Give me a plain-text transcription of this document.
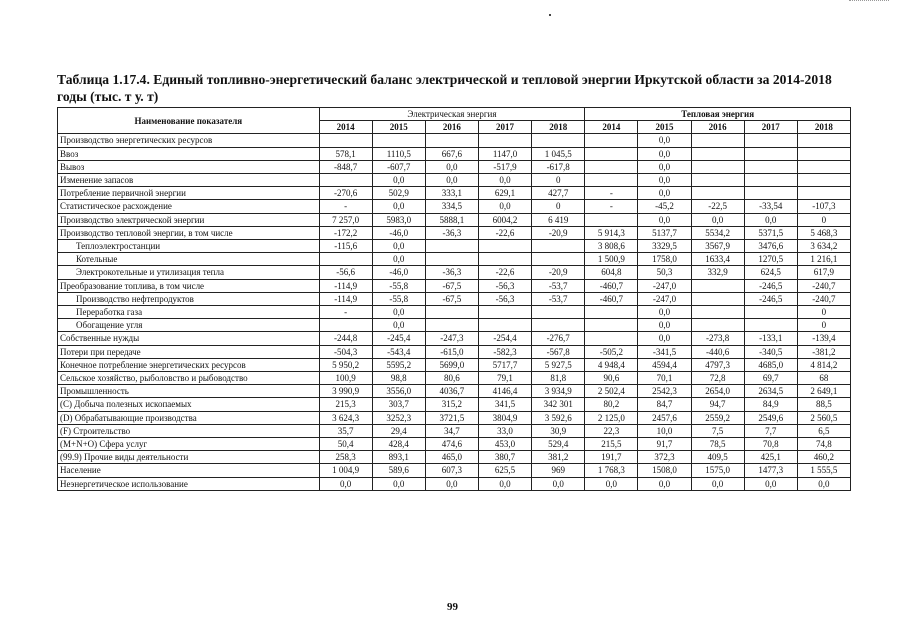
Таблица 1.17.4. Единый топливно-энергетический баланс электрической и тепловой энергии Иркутской области за 2014-2018 годы (тыс. т у. т)
Наименование показателя	Электрическая энергия					Тепловая энергия				
	2014	2015	2016	2017	2018	2014	2015	2016	2017	2018
Производство энергетических ресурсов							0,0			
Ввоз	578,1	1110,5	667,6	1147,0	1 045,5		0,0			
Вывоз	-848,7	-607,7	0,0	-517,9	-617,8		0,0			
Изменение запасов		0,0	0,0	0,0	0		0,0			
Потребление первичной энергии	-270,6	502,9	333,1	629,1	427,7	-	0,0			
Статистическое расхождение	-	0,0	334,5	0,0	0	-	-45,2	-22,5	-33,54	-107,3
Производство электрической энергии	7 257,0	5983,0	5888,1	6004,2	6 419		0,0	0,0	0,0	0
Производство тепловой энергии, в том числе	-172,2	-46,0	-36,3	-22,6	-20,9	5 914,3	5137,7	5534,2	5371,5	5 468,3
Теплоэлектростанции	-115,6	0,0				3 808,6	3329,5	3567,9	3476,6	3 634,2
Котельные		0,0				1 500,9	1758,0	1633,4	1270,5	1 216,1
Электрокотельные и утилизация тепла	-56,6	-46,0	-36,3	-22,6	-20,9	604,8	50,3	332,9	624,5	617,9
Преобразование топлива, в том числе	-114,9	-55,8	-67,5	-56,3	-53,7	-460,7	-247,0		-246,5	-240,7
Производство нефтепродуктов	-114,9	-55,8	-67,5	-56,3	-53,7	-460,7	-247,0		-246,5	-240,7
Переработка газа	-	0,0					0,0			0
Обогащение угля		0,0					0,0			0
Собственные нужды	-244,8	-245,4	-247,3	-254,4	-276,7		0,0	-273,8	-133,1	-139,4
Потери при передаче	-504,3	-543,4	-615,0	-582,3	-567,8	-505,2	-341,5	-440,6	-340,5	-381,2
Конечное потребление энергетических ресурсов	5 950,2	5595,2	5699,0	5717,7	5 927,5	4 948,4	4594,4	4797,3	4685,0	4 814,2
Сельское хозяйство, рыболовство и рыбоводство	100,9	98,8	80,6	79,1	81,8	90,6	70,1	72,8	69,7	68
Промышленность	3 990,9	3556,0	4036,7	4146,4	3 934,9	2 502,4	2542,3	2654,0	2634,5	2 649,1
(С) Добыча полезных ископаемых	215,3	303,7	315,2	341,5	342 301	80,2	84,7	94,7	84,9	88,5
(D) Обрабатывающие производства	3 624,3	3252,3	3721,5	3804,9	3 592,6	2 125,0	2457,6	2559,2	2549,6	2 560,5
(F) Строительство	35,7	29,4	34,7	33,0	30,9	22,3	10,0	7,5	7,7	6,5
(M+N+O) Сфера услуг	50,4	428,4	474,6	453,0	529,4	215,5	91,7	78,5	70,8	74,8
(99.9) Прочие виды деятельности	258,3	893,1	465,0	380,7	381,2	191,7	372,3	409,5	425,1	460,2
Население	1 004,9	589,6	607,3	625,5	969	1 768,3	1508,0	1575,0	1477,3	1 555,5
Неэнергетическое использование	0,0	0,0	0,0	0,0	0,0	0,0	0,0	0,0	0,0	0,0
99
